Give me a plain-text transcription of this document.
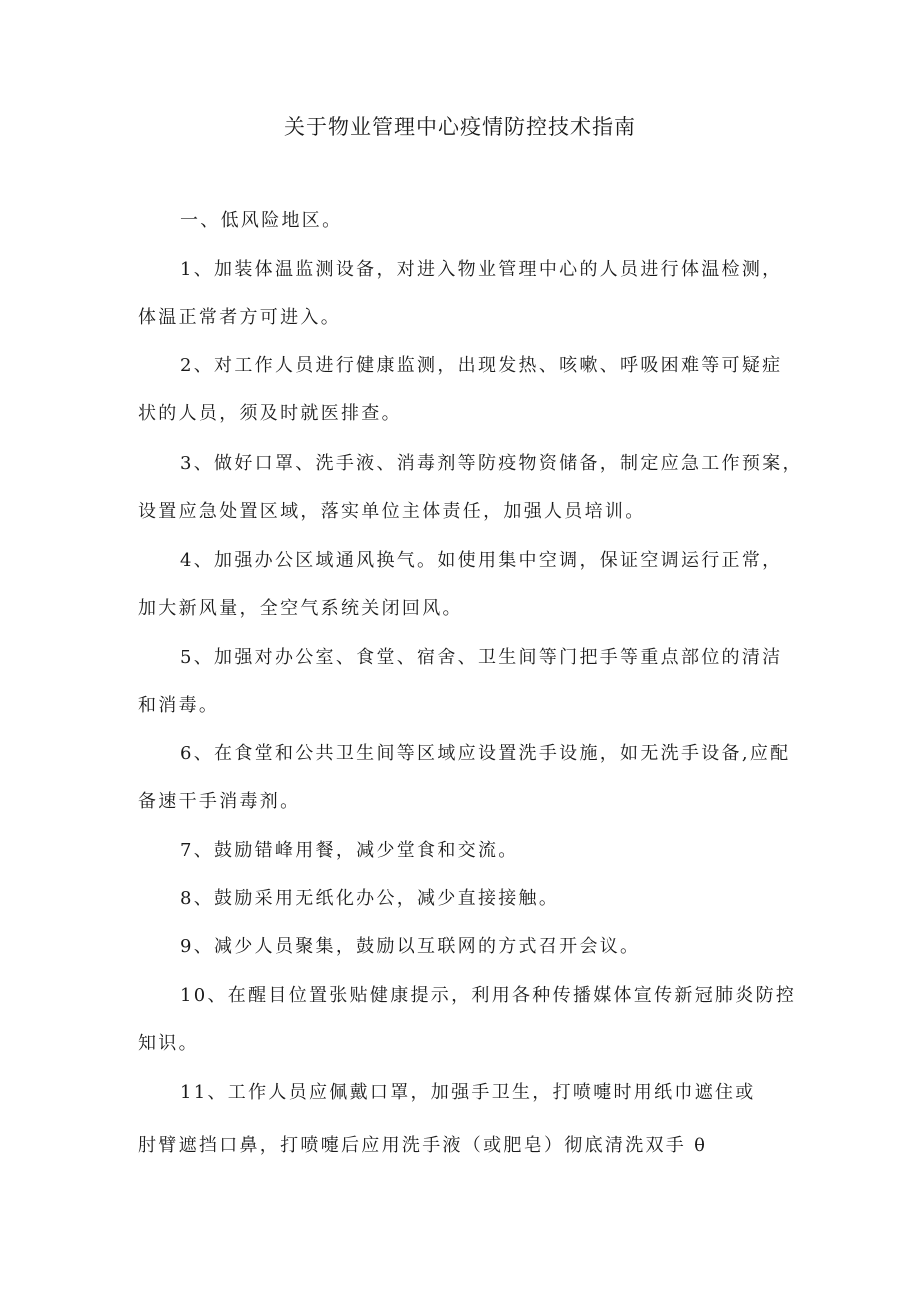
关于物业管理中心疫情防控技术指南
一、低风险地区。
1、加装体温监测设备，对进入物业管理中心的人员进行体温检测，
体温正常者方可进入。
2、对工作人员进行健康监测，出现发热、咳嗽、呼吸困难等可疑症
状的人员，须及时就医排查。
3、做好口罩、洗手液、消毒剂等防疫物资储备，制定应急工作预案，
设置应急处置区域，落实单位主体责任，加强人员培训。
4、加强办公区域通风换气。如使用集中空调，保证空调运行正常，
加大新风量，全空气系统关闭回风。
5、加强对办公室、食堂、宿舍、卫生间等门把手等重点部位的清洁
和消毒。
6、在食堂和公共卫生间等区域应设置洗手设施，如无洗手设备,应配
备速干手消毒剂。
7、鼓励错峰用餐，减少堂食和交流。
8、鼓励采用无纸化办公，减少直接接触。
9、减少人员聚集，鼓励以互联网的方式召开会议。
10、在醒目位置张贴健康提示，利用各种传播媒体宣传新冠肺炎防控
知识。
11、工作人员应佩戴口罩，加强手卫生，打喷嚏时用纸巾遮住或
肘臂遮挡口鼻，打喷嚏后应用洗手液（或肥皂）彻底清洗双手 θ
